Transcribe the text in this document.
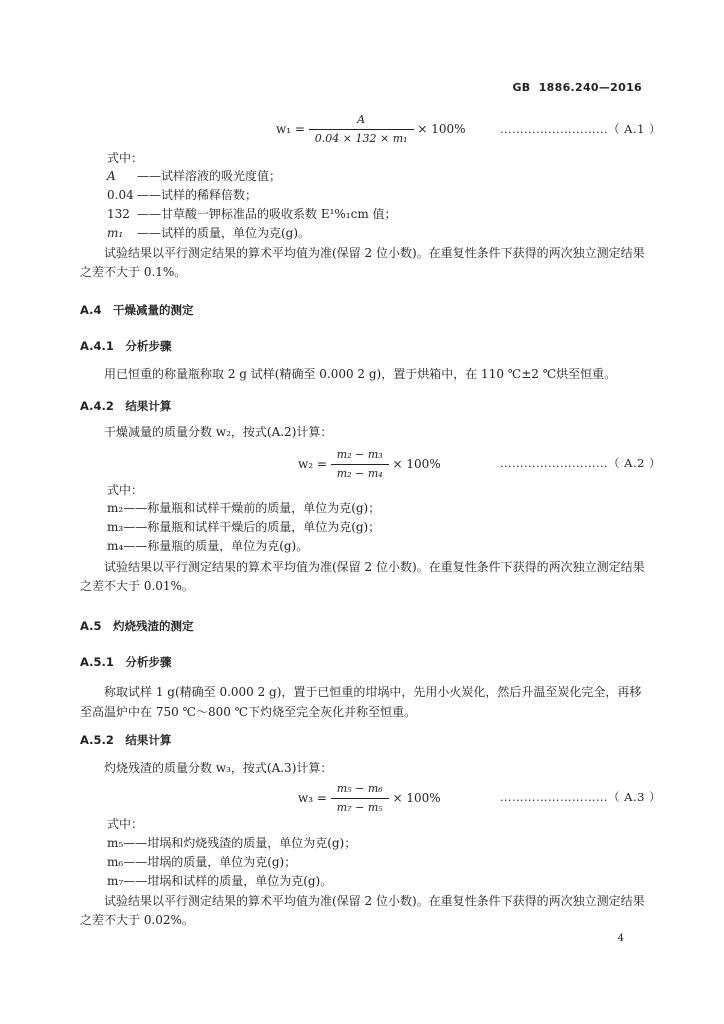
GB 1886.240—2016
$w_1 = \frac{A}{\text{0.04 × 132 × m₁}} \times 100\%$	………………………（ A.1 ）
式中：
A ——试样溶液的吸光度值；
0.04 ——试样的稀释倍数；
132 ——甘草酸一钾标准品的吸收系数 E¹%₁cm 值；
m₁ ——试样的质量，单位为克(g)。
试验结果以平行测定结果的算术平均值为准(保留 2 位小数)。在重复性条件下获得的两次独立测定结果之差不大于 0.1%。
A.4　干燥减量的测定
A.4.1　分析步骤
用已恒重的称量瓶称取 2 g 试样(精确至 0.000 2 g)，置于烘箱中，在 110 ℃±2 ℃烘至恒重。
A.4.2　结果计算
干燥减量的质量分数 w₂，按式(A.2)计算：
$w_2 = \frac{\text{m₂ − m₃}}{\text{m₂ − m₄}} \times 100\%$	………………………（ A.2 ）
式中：
m₂——称量瓶和试样干燥前的质量，单位为克(g)；
m₃——称量瓶和试样干燥后的质量，单位为克(g)；
m₄——称量瓶的质量，单位为克(g)。
试验结果以平行测定结果的算术平均值为准(保留 2 位小数)。在重复性条件下获得的两次独立测定结果之差不大于 0.01%。
A.5　灼烧残渣的测定
A.5.1　分析步骤
称取试样 1 g(精确至 0.000 2 g)，置于已恒重的坩埚中，先用小火炭化，然后升温至炭化完全，再移至高温炉中在 750 ℃～800 ℃下灼烧至完全灰化并称至恒重。
A.5.2　结果计算
灼烧残渣的质量分数 w₃，按式(A.3)计算：
$w_3 = \frac{\text{m₅ − m₆}}{\text{m₇ − m₅}} \times 100\%$	………………………（ A.3 ）
式中：
m₅——坩埚和灼烧残渣的质量，单位为克(g)；
m₆——坩埚的质量，单位为克(g)；
m₇——坩埚和试样的质量，单位为克(g)。
试验结果以平行测定结果的算术平均值为准(保留 2 位小数)。在重复性条件下获得的两次独立测定结果之差不大于 0.02%。
4
